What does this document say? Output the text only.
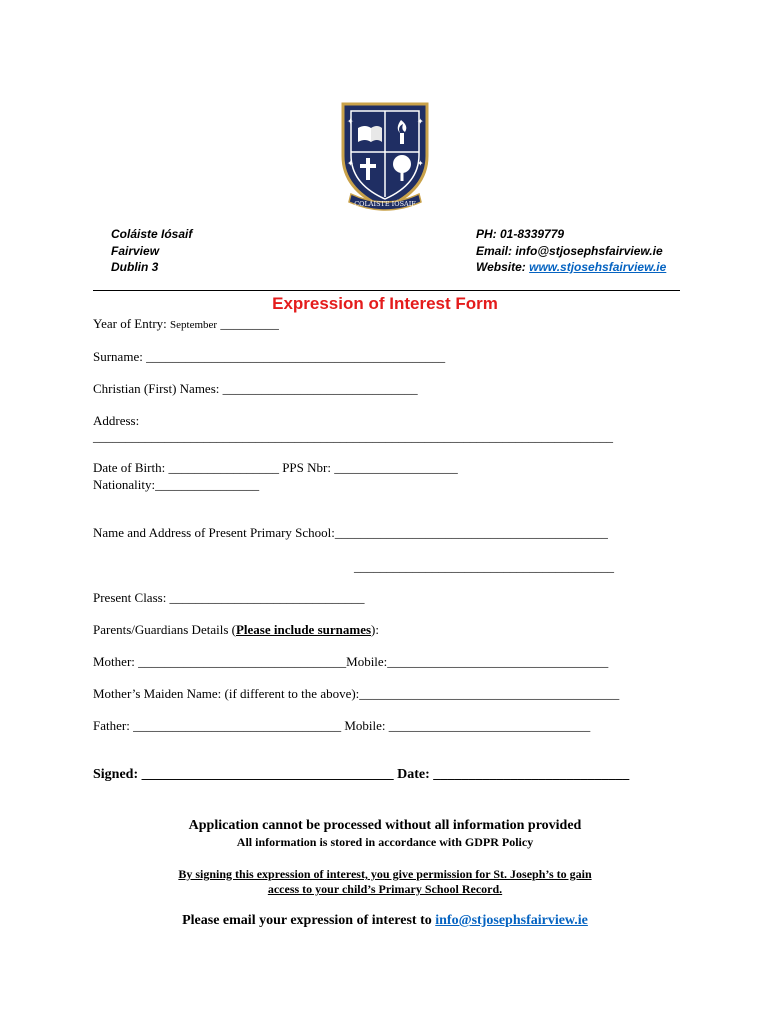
✦	✦
✦	✦
COLÁISTE IÓSAIF
Coláiste Iósaif
Fairview
Dublin 3
PH: 01-8339779
Email: info@stjosephsfairview.ie
Website: www.stjosehsfairview.ie
Expression of Interest Form
Year of Entry: September _________
Surname: ______________________________________________
Christian (First) Names: ______________________________
Address:
________________________________________________________________________________
Date of Birth: _________________ PPS Nbr: ___________________
Nationality:________________
Name and Address of Present Primary School:__________________________________________
________________________________________
Present Class: ______________________________
Parents/Guardians Details (Please include surnames):
Mother: ________________________________Mobile:__________________________________
Mother’s Maiden Name: (if different to the above):________________________________________
Father: ________________________________ Mobile: _______________________________
Signed: ____________________________________ Date: ____________________________
Application cannot be processed without all information provided
All information is stored in accordance with GDPR Policy
By signing this expression of interest, you give permission for St. Joseph’s to gain
access to your child’s Primary School Record.
Please email your expression of interest to info@stjosephsfairview.ie
